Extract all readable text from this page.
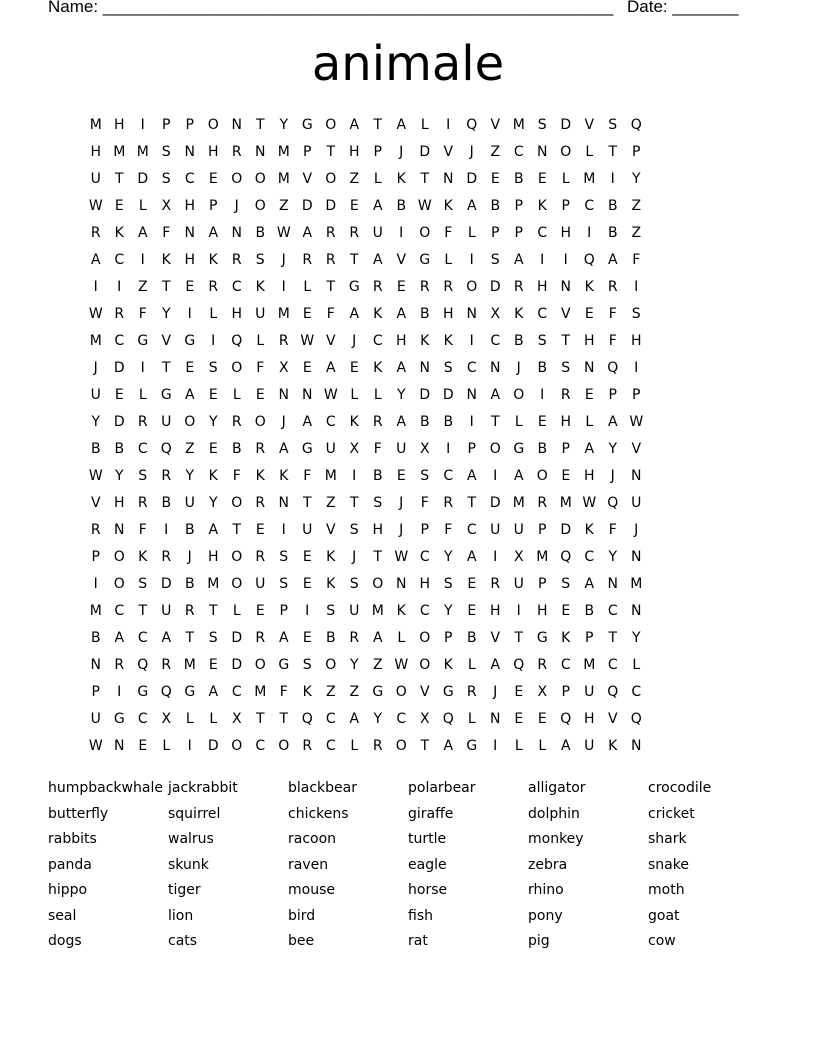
Name: ______________________________________________________

Date: _______

animale
M H	I	P	P O N T	Y G O A	T	A	L	I	Q V M S D V	S Q
H M M S N H R N M P	T H	P	J	D V	J	Z C N O	L	T	P
U	T D S	C	E O O M V O Z	L	K	T N D E	B	E	L M	I	Y
W E	L	X H	P	J	O Z D D E	A B W K	A B	P	K	P	C B Z
R	K	A	F	N A N B W A R R U	I	O F	L	P	P	C H	I	B Z
A C	I	K H K	R	S	J	R R	T	A V G	L	I	S	A	I	I	Q A	F
I	I	Z	T	E	R C	K	I	L	T G R	E	R R O D R H N K	R	I
W R	F	Y	I	L	H U M E	F	A	K	A B H N X	K	C V	E	F	S
M C G V G	I	Q	L	R W V	J	C H K	K	I	C B	S	T H	F	H
J	D	I	T	E	S O F	X	E	A	E	K	A N S	C N	J	B	S N Q	I
U E	L	G A	E	L	E N N W L	L	Y D D N A O	I	R	E	P	P
Y D R U O Y	R O	J	A C	K	R A B B	I	T	L	E H	L	A W
B B C Q Z	E	B R A G U X	F	U X	I	P O G B	P	A	Y	V
W Y	S	R	Y	K	F	K	K	F M	I	B	E	S	C A	I	A O E H	J	N
V H R B U	Y O R N T	Z	T	S	J	F	R	T D M R M W Q U
R N	F	I	B A	T	E	I	U V	S H	J	P	F	C U U	P D K	F	J
P O K	R	J	H O R	S	E	K	J	T W C	Y	A	I	X M Q C	Y N
I	O S D B M O U S	E	K	S O N H S	E	R U	P	S	A N M
M C	T	U R	T	L	E	P	I	S U M K	C	Y	E H	I	H E	B C N
B A C A	T	S D R A	E	B R A	L	O P	B V	T G K	P	T	Y
N R Q R M E D O G S O Y	Z W O K	L	A Q R C M C	L
P	I	G Q G A C M F	K	Z Z G O V G R	J	E	X	P	U Q C
U G C X	L	L	X	T	T Q C A	Y	C X Q	L	N E	E Q H V Q
W N E	L	I	D O C O R C	L	R O T	A G	I	L	L	A U K N
humpbackwhale jackrabbit	blackbear	polarbear	alligator	crocodile
butterfly	squirrel	chickens	giraffe	dolphin	cricket
rabbits	walrus	racoon	turtle	monkey	shark
panda	skunk	raven	eagle	zebra	snake
hippo	tiger	mouse	horse	rhino	moth
seal	lion	bird	fish	pony	goat
dogs	cats	bee	rat	pig	cow
